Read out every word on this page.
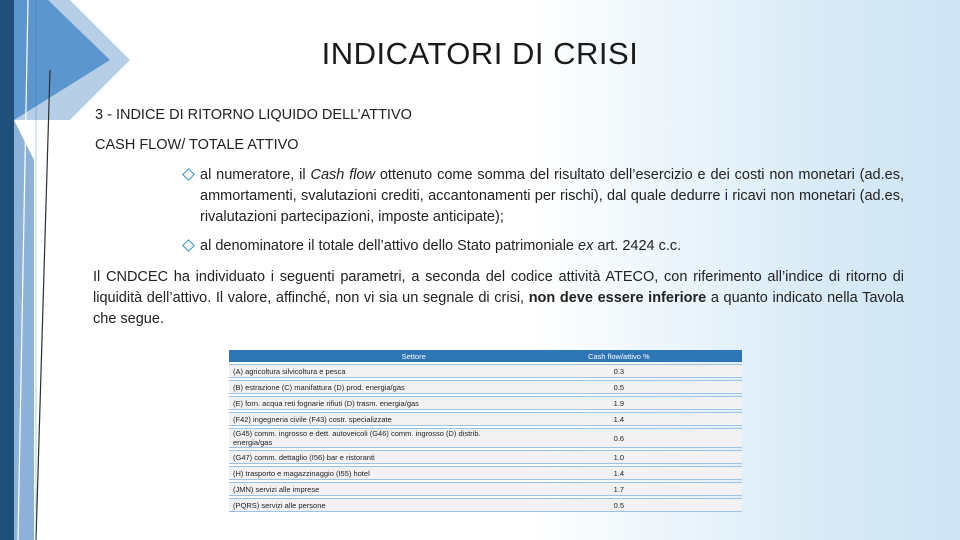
INDICATORI DI CRISI
3 - INDICE DI RITORNO LIQUIDO DELL’ATTIVO
CASH FLOW/ TOTALE ATTIVO
al numeratore, il Cash flow ottenuto come somma del risultato dell’esercizio e dei costi non monetari (ad.es, ammortamenti, svalutazioni crediti, accantonamenti per rischi), dal quale dedurre i ricavi non monetari (ad.es, rivalutazioni partecipazioni, imposte anticipate);
al denominatore il totale dell’attivo dello Stato patrimoniale ex art. 2424 c.c.
Il CNDCEC ha individuato i seguenti parametri, a seconda del codice attività ATECO, con riferimento all’indice di ritorno di liquidità dell’attivo. Il valore, affinché, non vi sia un segnale di crisi, non deve essere inferiore a quanto indicato nella Tavola che segue.
Settore	Cash flow/attivo %
(A) agricoltura silvicoltura e pesca	0.3
(B) estrazione (C) manifattura (D) prod. energia/gas	0.5
(E) forn. acqua reti fognarie rifiuti (D) trasm. energia/gas	1.9
(F42) ingegneria civile (F43) costr. specializzate	1.4
(G45) comm. ingrosso e dett. autoveicoli (G46) comm. ingrosso (D) distrib. energia/gas	0.6
(G47) comm. dettaglio (I56) bar e ristoranti	1.0
(H) trasporto e magazzinaggio (I55) hotel	1.4
(JMN) servizi alle imprese	1.7
(PQRS) servizi alle persone	0.5
